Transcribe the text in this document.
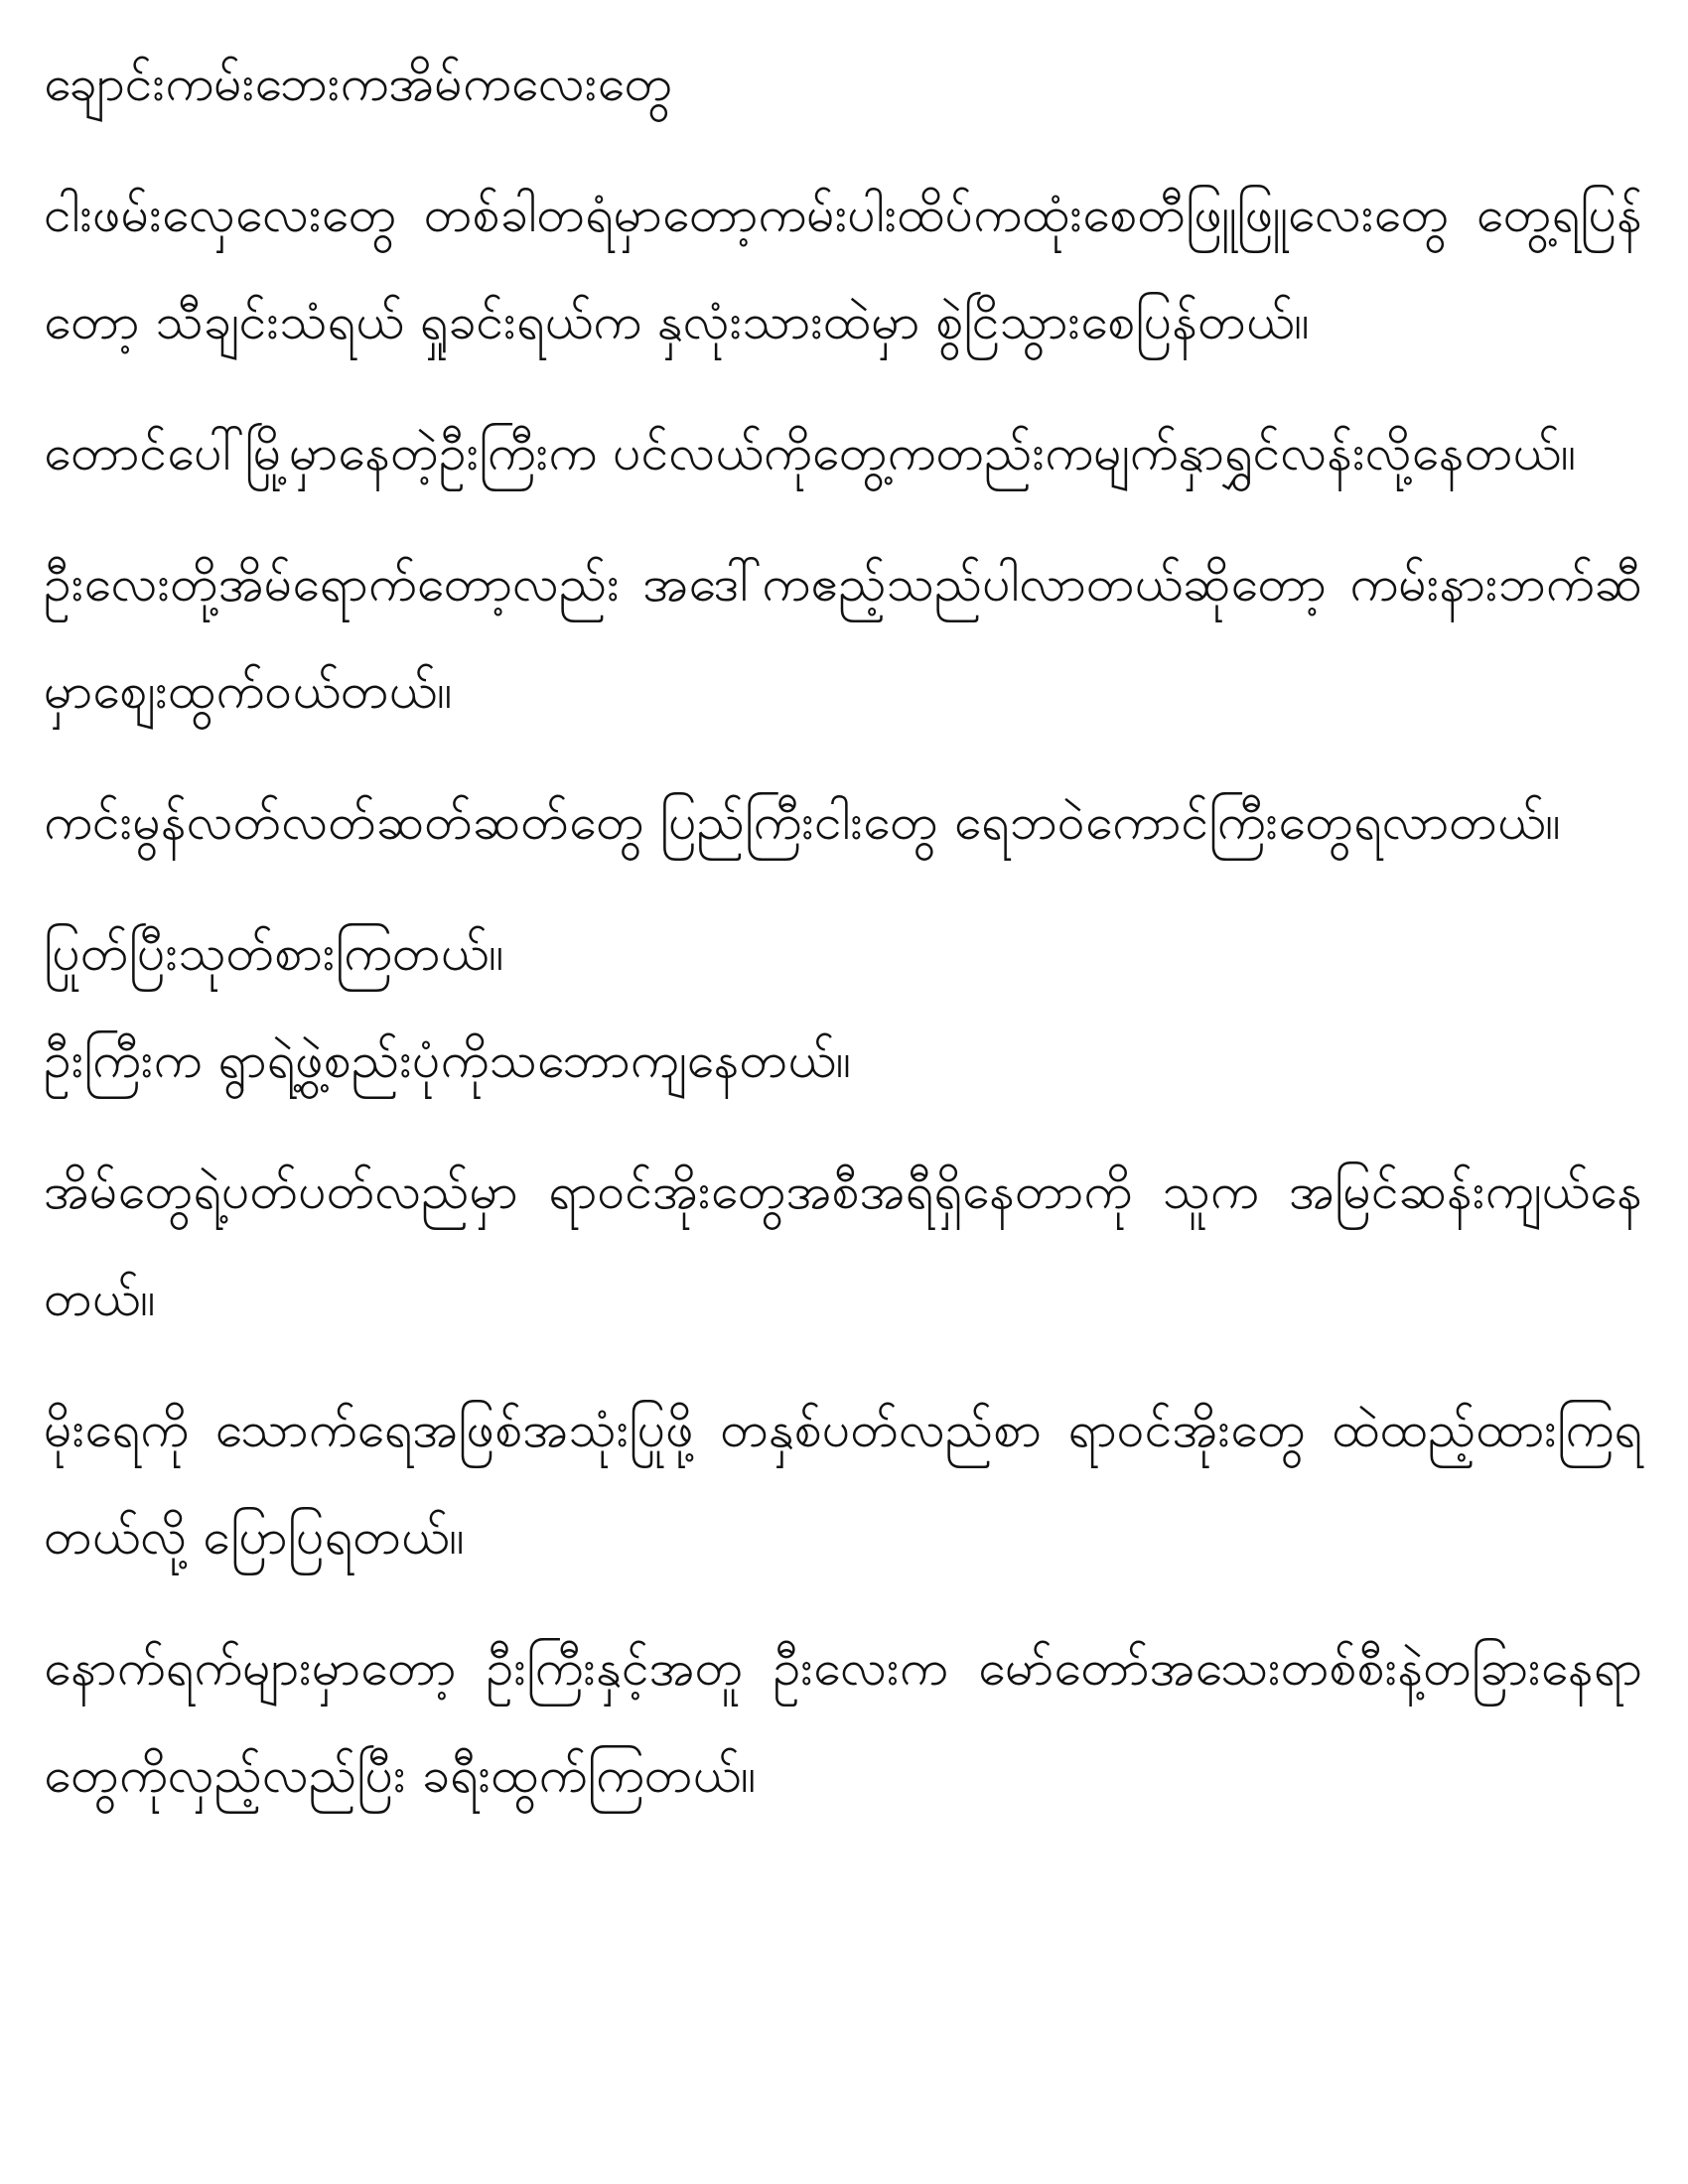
ချောင်းကမ်းဘေးကအိမ်ကလေးတွေ

ငါးဖမ်းလှေလေးတွေ တစ်ခါတရံမှာတော့ကမ်းပါးထိပ်ကထုံးစေတီဖြူဖြူလေးတွေ တွေ့ရပြန်တော့ သီချင်းသံရယ် ရှုခင်းရယ်က နှလုံးသားထဲမှာ စွဲငြိသွားစေပြန်တယ်။

တောင်ပေါ်မြို့မှာနေတဲ့ဦးကြီးက ပင်လယ်ကိုတွေ့ကတည်းကမျက်နှာရွှင်လန်းလို့နေတယ်။

ဦးလေးတို့အိမ်ရောက်တော့လည်း အဒေါ်ကဧည့်သည်ပါလာတယ်ဆိုတော့ ကမ်းနားဘက်ဆီမှာစျေးထွက်ဝယ်တယ်။

ကင်းမွန်လတ်လတ်ဆတ်ဆတ်တွေ ပြည်ကြီးငါးတွေ ရေဘဝဲကောင်ကြီးတွေရလာတယ်။

ပြုတ်ပြီးသုတ်စားကြတယ်။

ဦးကြီးက ရွာရဲ့ဖွဲ့စည်းပုံကိုသဘောကျနေတယ်။

အိမ်တွေရဲ့ပတ်ပတ်လည်မှာ ရာဝင်အိုးတွေအစီအရီရှိနေတာကို သူက အမြင်ဆန်းကျယ်နေတယ်။

မိုးရေကို သောက်ရေအဖြစ်အသုံးပြုဖို့ တနှစ်ပတ်လည်စာ ရာဝင်အိုးတွေ ထဲထည့်ထားကြရတယ်လို့ ပြောပြရတယ်။

နောက်ရက်များမှာတော့ ဦးကြီးနှင့်အတူ ဦးလေးက မော်တော်အသေးတစ်စီးနဲ့တခြားနေရာတွေကိုလှည့်လည်ပြီး ခရီးထွက်ကြတယ်။
